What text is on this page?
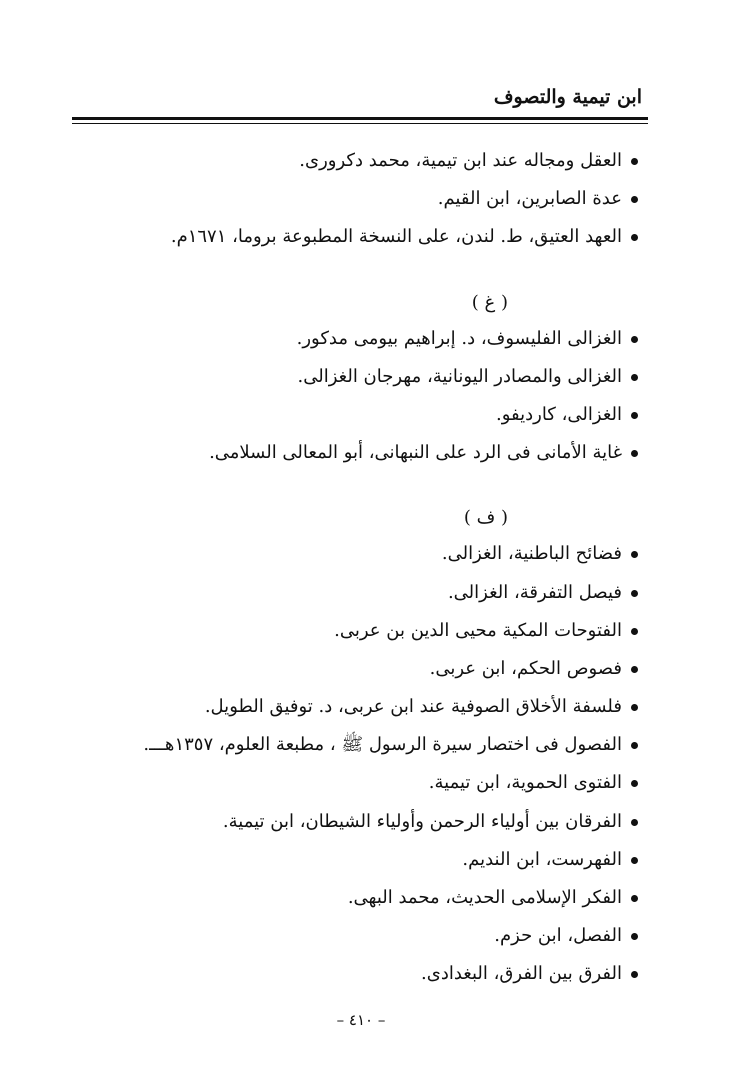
ابن تيمية والتصوف
العقل ومجاله عند ابن تيمية، محمد دكرورى.
عدة الصابرين، ابن القيم.
العهد العتيق، ط. لندن، على النسخة المطبوعة بروما، ١٦٧١م.
( غ )
الغزالى الفليسوف، د. إبراهيم بيومى مدكور.
الغزالى والمصادر اليونانية، مهرجان الغزالى.
الغزالى، كارديفو.
غاية الأمانى فى الرد على النبهانى، أبو المعالى السلامى.
( ف )
فضائح الباطنية، الغزالى.
فيصل التفرقة، الغزالى.
الفتوحات المكية محيى الدين بن عربى.
فصوص الحكم، ابن عربى.
فلسفة الأخلاق الصوفية عند ابن عربى، د. توفيق الطويل.
الفصول فى اختصار سيرة الرسول ﷺ ، مطبعة العلوم، ١٣٥٧هـــ.
الفتوى الحموية، ابن تيمية.
الفرقان بين أولياء الرحمن وأولياء الشيطان، ابن تيمية.
الفهرست، ابن النديم.
الفكر الإسلامى الحديث، محمد البهى.
الفصل، ابن حزم.
الفرق بين الفرق، البغدادى.
– ٤١٠ –
